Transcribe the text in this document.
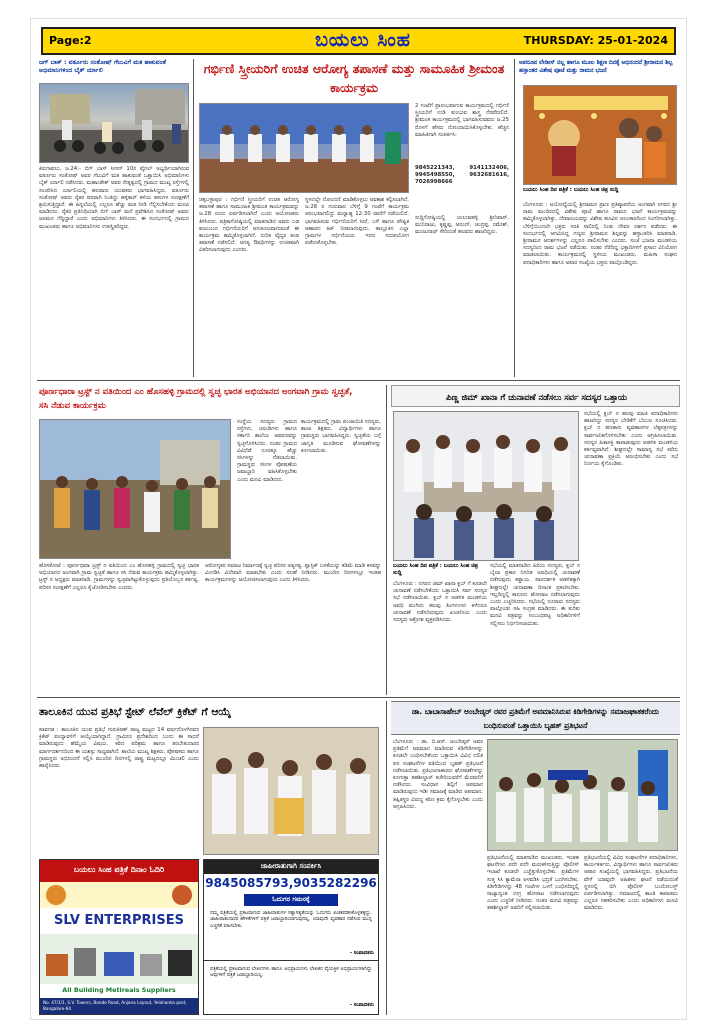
Page:2	ಬಯಲು ಸಿಂಹ	THURSDAY: 25-01-2024
ಜಗ್ ಬಾಕ್ : ವರ್ತೂರು ಸಂತೋಷ್ ಗೆಲುವಿಗೆ ಮತ ಹಾಕುವಂತೆ ಅಭಿಮಾನಿಗಳಿಂದ ಬೈಕ್ ರ್ಯಾಲಿ
ಕಿರುಗಾವಲು, ಜ.24:- ಬಿಗ್ ಬಾಸ್ ಸೀಸನ್ 10ರ ಫೈನಲ್ ಅಭ್ಯರ್ಥಿಯಾಗಿರುವ ವರ್ತೂರು ಸಂತೋಷ್ ಅವರ ಗೆಲುವಿಗೆ ಮತ ಹಾಕುವಂತೆ ಒತ್ತಾಯಿಸಿ ಅಭಿಮಾನಿಗಳು ಬೈಕ್ ರ್ಯಾಲಿ ನಡೆಸಿದರು. ಮಹಾಂತೇಶ್ ಅವರ ನೇತೃತ್ವದಲ್ಲಿ ಗ್ರಾಮದ ಮುಖ್ಯ ರಸ್ತೆಗಳಲ್ಲಿ ಸಂಚರಿಸಿದ ರ್ಯಾಲಿಯಲ್ಲಿ ಹಲವಾರು ಯುವಕರು ಭಾಗವಹಿಸಿದ್ದರು. ವರ್ತೂರು ಸಂತೋಷ್ ಅವರು ರೈತರ ಪರವಾಗಿ ನಿಂತಿದ್ದು ಹಳ್ಳಿಕಾರ್ ತಳಿಯ ಹಸುಗಳ ಸಂರಕ್ಷಣೆಗೆ ಶ್ರಮಿಸುತ್ತಿದ್ದಾರೆ. ಈ ಹಿನ್ನಲೆಯಲ್ಲಿ ಎಲ್ಲರೂ ಹೆಚ್ಚು ಮತ ನೀಡಿ ಗೆಲ್ಲಿಸಬೇಕೆಂದು ಮನವಿ ಮಾಡಿದರು. ರೈತರ ಪ್ರತಿನಿಧಿಯಾಗಿ ಬಿಗ್ ಬಾಸ್ ಮನೆ ಪ್ರವೇಶಿಸಿದ ಸಂತೋಷ್ ಅವರು ಜನಮನ ಗೆದ್ದಿದ್ದಾರೆ ಎಂದು ಅಭಿಮಾನಿಗಳು ತಿಳಿಸಿದರು. ಈ ಸಂದರ್ಭದಲ್ಲಿ ಗ್ರಾಮದ ಮುಖಂಡರು ಹಾಗೂ ಅಭಿಮಾನಿಗಳು ಉಪಸ್ಥಿತರಿದ್ದರು.
ಗರ್ಭಿಣಿ ಸ್ತ್ರೀಯರಿಗೆ ಉಚಿತ ಆರೋಗ್ಯ ತಪಾಸಣೆ ಮತ್ತು ಸಾಮೂಹಿಕ ಶ್ರೀಮಂತ ಕಾರ್ಯಕ್ರಮ
2 ಗಂಟೆಗೆ ಪ್ರಾರಂಭವಾಗುವ ಕಾರ್ಯಕ್ರಮದಲ್ಲಿ ಗರ್ಭಿಣಿ ಸ್ತ್ರೀಯರಿಗೆ ಉಡಿ ತುಂಬುವ ಶಾಸ್ತ್ರ ನೆರವೇರಲಿದೆ. ಶ್ರೀಮಂತ ಕಾರ್ಯಕ್ರಮದಲ್ಲಿ ಭಾಗವಹಿಸುವವರು ಜ.25 ರೊಳಗೆ ಹೆಸರು ನೋಂದಾಯಿಸಿಕೊಳ್ಳಬೇಕು. ಹೆಚ್ಚಿನ ಮಾಹಿತಿಗಾಗಿ ಸಂಪರ್ಕಿಸಿ:
9845221343, 9141132406, 9945498550, 9632681616, 7026998666
ಚಿಕ್ಕಬಳ್ಳಾಪುರ : ಗರ್ಭಿಣಿ ಸ್ತ್ರೀಯರಿಗೆ ಉಚಿತ ಆರೋಗ್ಯ ತಪಾಸಣೆ ಹಾಗೂ ಸಾಮೂಹಿಕ ಶ್ರೀಮಂತ ಕಾರ್ಯಕ್ರಮವನ್ನು ಜ.28 ರಂದು ಏರ್ಪಡಿಸಲಾಗಿದೆ ಎಂದು ಆಯೋಜಕರು ತಿಳಿಸಿದರು. ಪತ್ರಿಕಾಗೋಷ್ಠಿಯಲ್ಲಿ ಮಾತನಾಡಿದ ಅವರು ಬಡ ಕುಟುಂಬದ ಗರ್ಭಿಣಿಯರಿಗೆ ಅನುಕೂಲವಾಗುವಂತೆ ಈ ಕಾರ್ಯಕ್ರಮ ಹಮ್ಮಿಕೊಳ್ಳಲಾಗಿದೆ. ನುರಿತ ವೈದ್ಯರ ತಂಡ ತಪಾಸಣೆ ನಡೆಸಲಿದೆ. ಅಗತ್ಯ ಔಷಧಿಗಳನ್ನು ಉಚಿತವಾಗಿ ವಿತರಿಸಲಾಗುವುದು ಎಂದರು.
ಸ್ಥಳದಲ್ಲೇ ನೋಂದಣಿ ಮಾಡಿಕೊಳ್ಳಲು ಅವಕಾಶ ಕಲ್ಪಿಸಲಾಗಿದೆ. ಜ.28 ರ ಗುರುವಾರ ಬೆಳಿಗ್ಗೆ 9 ಗಂಟೆಗೆ ಕಾರ್ಯಕ್ರಮ ಆರಂಭವಾಗಲಿದ್ದು ಮಧ್ಯಾಹ್ನ 12:30 ರವರೆಗೆ ನಡೆಯಲಿದೆ. ಭಾಗವಹಿಸುವ ಗರ್ಭಿಣಿಯರಿಗೆ ಸೀರೆ, ಬಳೆ ಹಾಗೂ ಪೌಷ್ಟಿಕ ಆಹಾರದ ಕಿಟ್ ನೀಡಲಾಗುವುದು. ತಾಲ್ಲೂಕಿನ ಎಲ್ಲಾ ಗ್ರಾಮಗಳ ಗರ್ಭಿಣಿಯರು ಇದರ ಸದುಪಯೋಗ ಪಡೆದುಕೊಳ್ಳಬೇಕು.
ಸುದ್ದಿಗೋಷ್ಠಿಯಲ್ಲಿ ಯಲುವಹಳ್ಳಿ ಶ್ರೀನಿವಾಸ್, ಮುನಿರಾಜು, ಕೃಷ್ಣಪ್ಪ, ಆನಂದ್, ಚಂದ್ರಪ್ಪ, ರಮೇಶ್, ಮಂಜುನಾಥ್ ಸೇರಿದಂತೆ ಹಲವರು ಹಾಜರಿದ್ದರು.
ಅಪರೂಪ ಲೇಡೀಸ್ ನಲ್ಲ ಹಾಗೂ ಮೂಲ ಶಿಕ್ಷಣ ದಿನಕ್ಕೆ ಅಭಿನಂದನೆ ಶ್ರೀರಾಮನ ಶಿಲ್ಪ ಹಸ್ತಾಂತರ ವಿಶೇಷ ಪೂಜೆ ಮತ್ತು ರಾಮನ ಭಜನೆ
ಬಯಲು ಸಿಂಹ ದಿನ ಪತ್ರಿಕೆ : ಬಯಲು ಸಿಂಹ ಚಿತ್ರ ಸುದ್ದಿ
ಬೆಂಗಳೂರು : ಅಯೋಧ್ಯೆಯಲ್ಲಿ ಶ್ರೀರಾಮನ ಪ್ರಾಣ ಪ್ರತಿಷ್ಠಾಪನೆಯ ಅಂಗವಾಗಿ ನಗರದ ಶ್ರೀ ರಾಮ ಮಂದಿರದಲ್ಲಿ ವಿಶೇಷ ಪೂಜೆ ಹಾಗೂ ರಾಮನ ಭಜನೆ ಕಾರ್ಯಕ್ರಮವನ್ನು ಹಮ್ಮಿಕೊಳ್ಳಲಾಗಿತ್ತು. ದೇವಾಲಯವನ್ನು ವಿಶೇಷ ಹೂವಿನ ಅಲಂಕಾರದಿಂದ ಸಿಂಗರಿಸಲಾಗಿತ್ತು. ಬೆಳಿಗ್ಗೆಯಿಂದಲೇ ಭಕ್ತರು ಸರತಿ ಸಾಲಿನಲ್ಲಿ ನಿಂತು ದೇವರ ದರ್ಶನ ಪಡೆದರು. ಈ ಸಂದರ್ಭದಲ್ಲಿ ಆಗಮಿಸಿದ್ದ ಗಣ್ಯರು ಶ್ರೀರಾಮನ ಶಿಲ್ಪವನ್ನು ಹಸ್ತಾಂತರಿಸಿ ಮಾತನಾಡಿ, ಶ್ರೀರಾಮನ ಆದರ್ಶಗಳನ್ನು ಎಲ್ಲರೂ ಪಾಲಿಸಬೇಕು ಎಂದರು. ಸಂಜೆ ಭಜನಾ ಮಂಡಳಿಯ ಸದಸ್ಯರಿಂದ ರಾಮ ಭಜನೆ ನಡೆಯಿತು. ನಂತರ ನೆರೆದಿದ್ದ ಭಕ್ತಾದಿಗಳಿಗೆ ಪ್ರಸಾದ ವಿನಿಯೋಗ ಮಾಡಲಾಯಿತು. ಕಾರ್ಯಕ್ರಮದಲ್ಲಿ ಸ್ಥಳೀಯ ಮುಖಂಡರು, ಮಹಿಳಾ ಸಂಘದ ಪದಾಧಿಕಾರಿಗಳು ಹಾಗೂ ಅಪಾರ ಸಂಖ್ಯೆಯ ಭಕ್ತರು ಪಾಲ್ಗೊಂಡಿದ್ದರು.
ಪೂರ್ಣಧಾರಾ ಟ್ರಸ್ಟ್ ನ ವತಿಯಿಂದ ಎಂ ಹೊಸಹಳ್ಳಿ ಗ್ರಾಮದಲ್ಲಿ ಸ್ವಚ್ಛ ಭಾರತ ಅಭಿಯಾನದ ಅಂಗವಾಗಿ ಗ್ರಾಮ ಸ್ವಚ್ಛತೆ, ಸಸಿ ನೆಡುವ ಕಾರ್ಯಕ್ರಮ
ಸಂಸ್ಥೆಯ ಸದಸ್ಯರು ಗ್ರಾಮದ ರಸ್ತೆಗಳು, ಚರಂಡಿಗಳು ಹಾಗೂ ಸರ್ಕಾರಿ ಶಾಲೆಯ ಆವರಣವನ್ನು ಸ್ವಚ್ಛಗೊಳಿಸಿದರು. ನಂತರ ಗ್ರಾಮದ ವಿವಿಧೆಡೆ ನೂರಕ್ಕೂ ಹೆಚ್ಚು ಸಸಿಗಳನ್ನು ನೆಡಲಾಯಿತು. ಗ್ರಾಮಸ್ಥರು ಸಸಿಗಳ ಪೋಷಣೆಯ ಜವಾಬ್ದಾರಿ ವಹಿಸಿಕೊಳ್ಳಬೇಕು ಎಂದು ಮನವಿ ಮಾಡಿದರು.
ಕಾರ್ಯಕ್ರಮದಲ್ಲಿ ಗ್ರಾಮ ಪಂಚಾಯಿತಿ ಸದಸ್ಯರು, ಶಾಲಾ ಶಿಕ್ಷಕರು, ವಿದ್ಯಾರ್ಥಿಗಳು ಹಾಗೂ ಗ್ರಾಮಸ್ಥರು ಭಾಗವಹಿಸಿದ್ದರು. ಸ್ವಚ್ಛತೆಯ ಬಗ್ಗೆ ಜಾಗೃತಿ ಮೂಡಿಸುವ ಘೋಷಣೆಗಳನ್ನು ಕೂಗಲಾಯಿತು.
ಹೊಸಕೋಟೆ : ಪೂರ್ಣಧಾರಾ ಟ್ರಸ್ಟ್ ನ ವತಿಯಿಂದ ಎಂ ಹೊಸಹಳ್ಳಿ ಗ್ರಾಮದಲ್ಲಿ ಸ್ವಚ್ಛ ಭಾರತ ಅಭಿಯಾನದ ಅಂಗವಾಗಿ ಗ್ರಾಮ ಸ್ವಚ್ಛತೆ ಹಾಗೂ ಸಸಿ ನೆಡುವ ಕಾರ್ಯಕ್ರಮ ಹಮ್ಮಿಕೊಳ್ಳಲಾಗಿತ್ತು. ಟ್ರಸ್ಟ್ ನ ಅಧ್ಯಕ್ಷರು ಮಾತನಾಡಿ, ಗ್ರಾಮಗಳನ್ನು ಸ್ವಚ್ಛವಾಗಿಟ್ಟುಕೊಳ್ಳುವುದು ಪ್ರತಿಯೊಬ್ಬರ ಕರ್ತವ್ಯ. ಪರಿಸರ ಸಂರಕ್ಷಣೆಗೆ ಎಲ್ಲರೂ ಕೈಜೋಡಿಸಬೇಕು ಎಂದರು.
ಆರೋಗ್ಯಕರ ಸಮಾಜ ನಿರ್ಮಾಣಕ್ಕೆ ಸ್ವಚ್ಛ ಪರಿಸರ ಅತ್ಯಗತ್ಯ. ಪ್ಲಾಸ್ಟಿಕ್ ಬಳಕೆಯನ್ನು ಕಡಿಮೆ ಮಾಡಿ ಕಸವನ್ನು ವಿಂಗಡಿಸಿ ವಿಲೇವಾರಿ ಮಾಡಬೇಕು ಎಂದು ಸಲಹೆ ನೀಡಿದರು. ಮುಂದಿನ ದಿನಗಳಲ್ಲೂ ಇಂತಹ ಕಾರ್ಯಕ್ರಮಗಳನ್ನು ಆಯೋಜಿಸಲಾಗುವುದು ಎಂದು ತಿಳಿಸಿದರು.
ಪಿಣ್ಣ ಜಿಮ್ ಖಾನಾ ಗೆ ಚುನಾವಣೆ ನಡೆಸಲು ಸರ್ವ ಸದಸ್ಯರ ಒತ್ತಾಯ
ಸಭೆಯಲ್ಲಿ ಕ್ಲಬ್ ನ ಹಲವು ಮಾಜಿ ಪದಾಧಿಕಾರಿಗಳು ಹಾಜರಿದ್ದು ಸದಸ್ಯರ ಬೇಡಿಕೆಗೆ ಬೆಂಬಲ ಸೂಚಿಸಿದರು. ಕ್ಲಬ್ ನ ಹಣಕಾಸು ವ್ಯವಹಾರಗಳ ಲೆಕ್ಕಪತ್ರಗಳನ್ನು ಸಾರ್ವಜನಿಕಗೊಳಿಸಬೇಕು ಎಂದು ಆಗ್ರಹಿಸಲಾಯಿತು. ಸದಸ್ಯರ ಹಿತಾಸಕ್ತಿ ಕಾಪಾಡುವುದು ಆಡಳಿತ ಮಂಡಳಿಯ ಕರ್ತವ್ಯವಾಗಿದೆ. ಶೀಘ್ರದಲ್ಲೇ ಸಾಮಾನ್ಯ ಸಭೆ ಕರೆದು ಚುನಾವಣಾ ಪ್ರಕ್ರಿಯೆ ಆರಂಭಿಸಬೇಕು ಎಂದು ಸಭೆ ನಿರ್ಣಯ ಕೈಗೊಂಡಿತು.
ಬಯಲು ಸಿಂಹ ದಿನ ಪತ್ರಿಕೆ : ಬಯಲು ಸಿಂಹ ಚಿತ್ರ ಸುದ್ದಿ
ಬೆಂಗಳೂರು : ನಗರದ ಜಿಮ್ ಖಾನಾ ಕ್ಲಬ್ ಗೆ ಕೂಡಲೇ ಚುನಾವಣೆ ನಡೆಸಬೇಕೆಂದು ಒತ್ತಾಯಿಸಿ ಸರ್ವ ಸದಸ್ಯರ ಸಭೆ ನಡೆಸಲಾಯಿತು. ಕ್ಲಬ್ ನ ಆಡಳಿತ ಮಂಡಳಿಯ ಅವಧಿ ಮುಗಿದು ಹಲವು ತಿಂಗಳುಗಳು ಕಳೆದರೂ ಚುನಾವಣೆ ನಡೆಸದಿರುವುದು ಖಂಡನೀಯ ಎಂದು ಸದಸ್ಯರು ಆಕ್ರೋಶ ವ್ಯಕ್ತಪಡಿಸಿದರು.
ಸಭೆಯಲ್ಲಿ ಮಾತನಾಡಿದ ಹಿರಿಯ ಸದಸ್ಯರು, ಕ್ಲಬ್ ನ ಬೈಲಾ ಪ್ರಕಾರ ನಿಗದಿತ ಅವಧಿಯಲ್ಲಿ ಚುನಾವಣೆ ನಡೆಸುವುದು ಕಡ್ಡಾಯ. ಪಾರದರ್ಶಕ ಆಡಳಿತಕ್ಕಾಗಿ ಶೀಘ್ರದಲ್ಲೇ ಚುನಾವಣಾ ದಿನಾಂಕ ಪ್ರಕಟಿಸಬೇಕು. ಇಲ್ಲದಿದ್ದಲ್ಲಿ ಕಾನೂನು ಹೋರಾಟ ನಡೆಸಲಾಗುವುದು ಎಂದು ಎಚ್ಚರಿಸಿದರು. ಸಭೆಯಲ್ಲಿ ನೂರಾರು ಸದಸ್ಯರು ಪಾಲ್ಗೊಂಡು ಸಹಿ ಸಂಗ್ರಹ ಮಾಡಿದರು. ಈ ಕುರಿತು ಮನವಿ ಪತ್ರವನ್ನು ಸಂಬಂಧಪಟ್ಟ ಅಧಿಕಾರಿಗಳಿಗೆ ಸಲ್ಲಿಸಲು ನಿರ್ಧರಿಸಲಾಯಿತು.
ತಾಲೂಕಿನ ಯುವ ಪ್ರತಿಭೆ ಸ್ಟೇಟ್ ಲೆವೆಲ್ ಕ್ರಿಕೆಟ್ ಗೆ ಆಯ್ಕೆ
ಪಾವಗಡ : ತಾಲೂಕಿನ ಯುವ ಪ್ರತಿಭೆ ಗುರುಕಿರಣ್ ರಾಜ್ಯ ಮಟ್ಟದ 14 ವರ್ಷದೊಳಗಿನವರ ಕ್ರಿಕೆಟ್ ಪಂದ್ಯಾವಳಿಗೆ ಆಯ್ಕೆಯಾಗಿದ್ದಾನೆ. ಗ್ರಾಮೀಣ ಪ್ರದೇಶದಿಂದ ಬಂದು ಈ ಸಾಧನೆ ಮಾಡಿರುವುದು ಹೆಮ್ಮೆಯ ವಿಷಯ. ಕಠಿಣ ಪರಿಶ್ರಮ ಹಾಗೂ ತರಬೇತುದಾರರ ಮಾರ್ಗದರ್ಶನದಿಂದ ಈ ಯಶಸ್ಸು ಸಾಧ್ಯವಾಗಿದೆ. ಶಾಲೆಯ ಮುಖ್ಯ ಶಿಕ್ಷಕರು, ಪೋಷಕರು ಹಾಗೂ ಗ್ರಾಮಸ್ಥರು ಅಭಿನಂದನೆ ಸಲ್ಲಿಸಿ ಮುಂದಿನ ದಿನಗಳಲ್ಲಿ ರಾಷ್ಟ್ರ ಮಟ್ಟದಲ್ಲೂ ಮಿಂಚಲಿ ಎಂದು ಹಾರೈಸಿದರು.
ಬಯಲು ಸಿಂಹ ಪತ್ರಿಕೆ ದಿನಾಂ ಓದಿರಿ
SLV ENTERPRISES
All Building Metireals Suppliers
No. 47/1/1, S.V. Towers, Bande Road, Anjana Layout, Yelahanka post, Bangalore-64
ಜಾಹೀರಾತುಗಾಗಿ ಸಂಪರ್ಕಿಸಿ
9845085793,9035282296
ಓದುಗರ ಗಮನಕ್ಕೆ
ನಮ್ಮ ಪತ್ರಿಕೆಯಲ್ಲಿ ಪ್ರಕಟವಾಗುವ ಜಾಹೀರಾತುಗಳ ಸತ್ಯಾಸತ್ಯತೆಯನ್ನು ಓದುಗರು ಖಚಿತಪಡಿಸಿಕೊಳ್ಳತಕ್ಕದ್ದು. ಜಾಹೀರಾತುದಾರರ ಹೇಳಿಕೆಗಳಿಗೆ ಪತ್ರಿಕೆ ಜವಾಬ್ದಾರಿಯಾಗುವುದಿಲ್ಲ. ಯಾವುದೇ ವ್ಯವಹಾರ ನಡೆಸುವ ಮುನ್ನ ಎಚ್ಚರಿಕೆ ವಹಿಸಬೇಕು.
- ಸಂಪಾದಕರು
ಪತ್ರಿಕೆಯಲ್ಲಿ ಪ್ರಕಟವಾಗುವ ಲೇಖನಗಳು ಹಾಗೂ ಅಭಿಪ್ರಾಯಗಳು ಲೇಖಕರ ವೈಯಕ್ತಿಕ ಅಭಿಪ್ರಾಯಗಳಾಗಿದ್ದು ಅವುಗಳಿಗೆ ಪತ್ರಿಕೆ ಜವಾಬ್ದಾರಿಯಲ್ಲ.
- ಸಂಪಾದಕರು
ಡಾ. ಬಾಬಾಸಾಹೇಬ್ ಅಂಬೇಡ್ಕರ್ ರವರ ಪ್ರತಿಮೆಗೆ ಅವಮಾನಿಸಿರುವ ಕಿಡಿಗೇಡಿಗಳನ್ನು ಸಮಾಜಘಾತಕರೆಂದು ಬಂಧಿಸುವಂತೆ ಒತ್ತಾಯಿಸಿ ಬೃಹತ್ ಪ್ರತಿಭಟನೆ
ಬೆಂಗಳೂರು : ಡಾ. ಬಿ.ಆರ್. ಅಂಬೇಡ್ಕರ್ ಅವರ ಪ್ರತಿಮೆಗೆ ಅವಮಾನ ಮಾಡಿರುವ ಕಿಡಿಗೇಡಿಗಳನ್ನು ಕೂಡಲೇ ಬಂಧಿಸಬೇಕೆಂದು ಒತ್ತಾಯಿಸಿ ವಿವಿಧ ದಲಿತ ಪರ ಸಂಘಟನೆಗಳ ವತಿಯಿಂದ ಬೃಹತ್ ಪ್ರತಿಭಟನೆ ನಡೆಸಲಾಯಿತು. ಪ್ರತಿಭಟನಾಕಾರರು ಘೋಷಣೆಗಳನ್ನು ಕೂಗುತ್ತಾ ತಹಶೀಲ್ದಾರ್ ಕಚೇರಿಯವರೆಗೆ ಮೆರವಣಿಗೆ ನಡೆಸಿದರು. ಸಂವಿಧಾನ ಶಿಲ್ಪಿಗೆ ಅಪಮಾನ ಮಾಡಿರುವುದು ಇಡೀ ಸಮಾಜಕ್ಕೆ ಮಾಡಿದ ಅಪಮಾನ. ತಪ್ಪಿತಸ್ಥರ ವಿರುದ್ಧ ಕಠಿಣ ಕ್ರಮ ಕೈಗೊಳ್ಳಬೇಕು ಎಂದು ಆಗ್ರಹಿಸಿದರು.
ಪ್ರತಿಭಟನೆಯಲ್ಲಿ ಮಾತನಾಡಿದ ಮುಖಂಡರು, ಇಂತಹ ಘಟನೆಗಳು ಪದೇ ಪದೇ ಮರುಕಳಿಸುತ್ತಿದ್ದು ಪೊಲೀಸ್ ಇಲಾಖೆ ಕೂಡಲೇ ಎಚ್ಚೆತ್ತುಕೊಳ್ಳಬೇಕು. ಪ್ರತಿಮೆಗಳ ಸುತ್ತ ಸಿಸಿ ಕ್ಯಾಮೆರಾ ಅಳವಡಿಸಿ ಭದ್ರತೆ ಒದಗಿಸಬೇಕು. ಕಿಡಿಗೇಡಿಗಳನ್ನು 48 ಗಂಟೆಗಳ ಒಳಗೆ ಬಂಧಿಸದಿದ್ದಲ್ಲಿ ರಾಜ್ಯಾದ್ಯಂತ ಉಗ್ರ ಹೋರಾಟ ನಡೆಸಲಾಗುವುದು ಎಂದು ಎಚ್ಚರಿಕೆ ನೀಡಿದರು. ನಂತರ ಮನವಿ ಪತ್ರವನ್ನು ತಹಶೀಲ್ದಾರ್ ಅವರಿಗೆ ಸಲ್ಲಿಸಲಾಯಿತು.
ಪ್ರತಿಭಟನೆಯಲ್ಲಿ ವಿವಿಧ ಸಂಘಟನೆಗಳ ಪದಾಧಿಕಾರಿಗಳು, ಕಾರ್ಯಕರ್ತರು, ವಿದ್ಯಾರ್ಥಿಗಳು ಹಾಗೂ ಸಾರ್ವಜನಿಕರು ಅಪಾರ ಸಂಖ್ಯೆಯಲ್ಲಿ ಭಾಗವಹಿಸಿದ್ದರು. ಪ್ರತಿಭಟನೆಯ ವೇಳೆ ಯಾವುದೇ ಅಹಿತಕರ ಘಟನೆ ನಡೆಯದಂತೆ ಸ್ಥಳದಲ್ಲಿ ಬಿಗಿ ಪೊಲೀಸ್ ಬಂದೋಬಸ್ತ್ ಏರ್ಪಡಿಸಲಾಗಿತ್ತು. ಸಮಾಜದಲ್ಲಿ ಶಾಂತಿ ಕಾಪಾಡಲು ಎಲ್ಲರೂ ಸಹಕರಿಸಬೇಕು ಎಂದು ಅಧಿಕಾರಿಗಳು ಮನವಿ ಮಾಡಿದರು.
